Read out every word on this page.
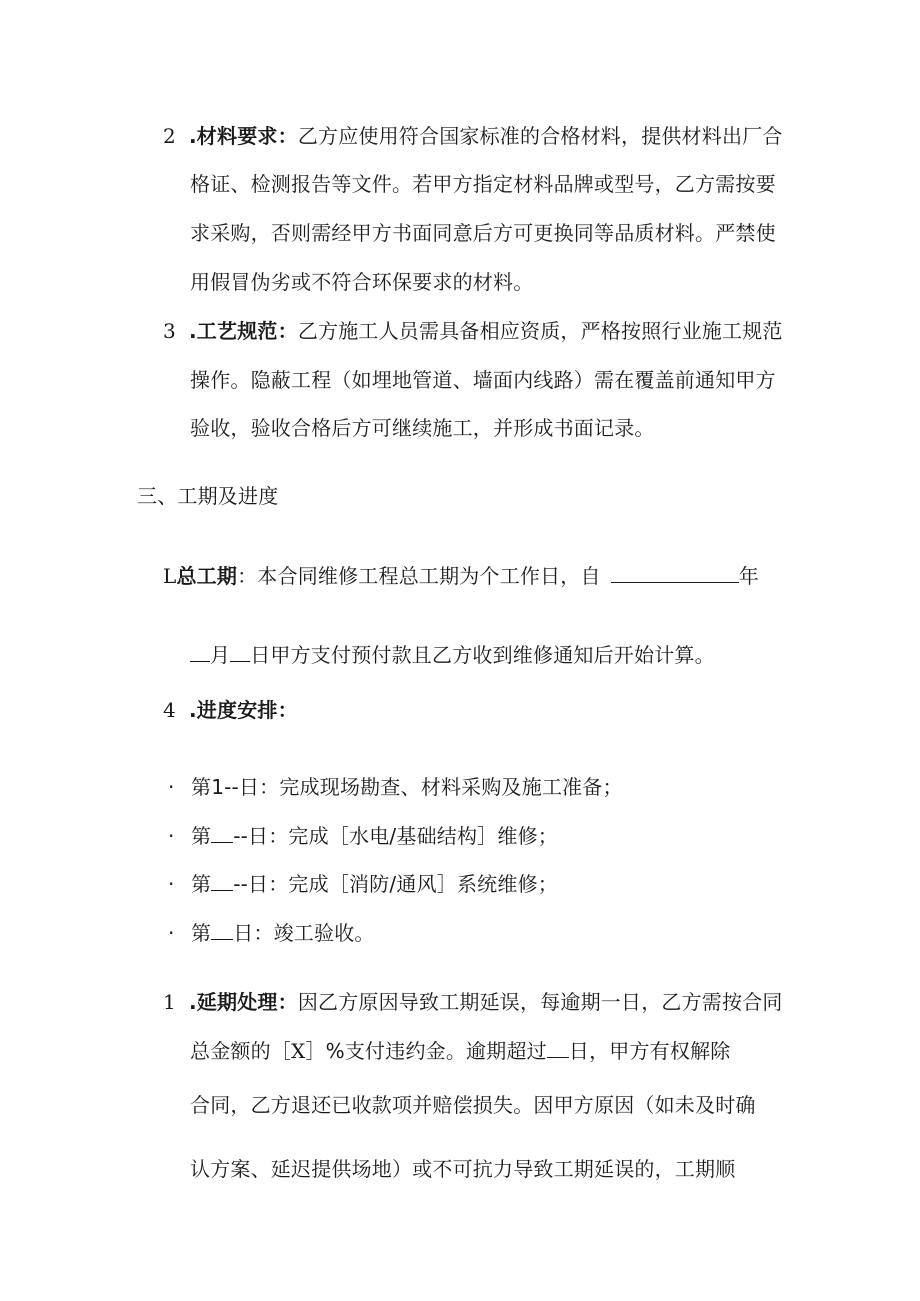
2 .材料要求：乙方应使用符合国家标准的合格材料，提供材料出厂合
格证、检测报告等文件。若甲方指定材料品牌或型号，乙方需按要
求采购，否则需经甲方书面同意后方可更换同等品质材料。严禁使
用假冒伪劣或不符合环保要求的材料。
3 .工艺规范：乙方施工人员需具备相应资质，严格按照行业施工规范
操作。隐蔽工程（如埋地管道、墙面内线路）需在覆盖前通知甲方
验收，验收合格后方可继续施工，并形成书面记录。
三、工期及进度
L总工期：本合同维修工程总工期为个工作日，自	年
月 日甲方支付预付款且乙方收到维修通知后开始计算。
4 .进度安排：
· 第1--日：完成现场勘查、材料采购及施工准备；
· 第 --日：完成［水电/基础结构］维修；
· 第 --日：完成［消防/通风］系统维修；
· 第 日：竣工验收。
1 .延期处理：因乙方原因导致工期延误，每逾期一日，乙方需按合同
总金额的［X］%支付违约金。逾期超过 日，甲方有权解除
合同，乙方退还已收款项并赔偿损失。因甲方原因（如未及时确
认方案、延迟提供场地）或不可抗力导致工期延误的，工期顺
